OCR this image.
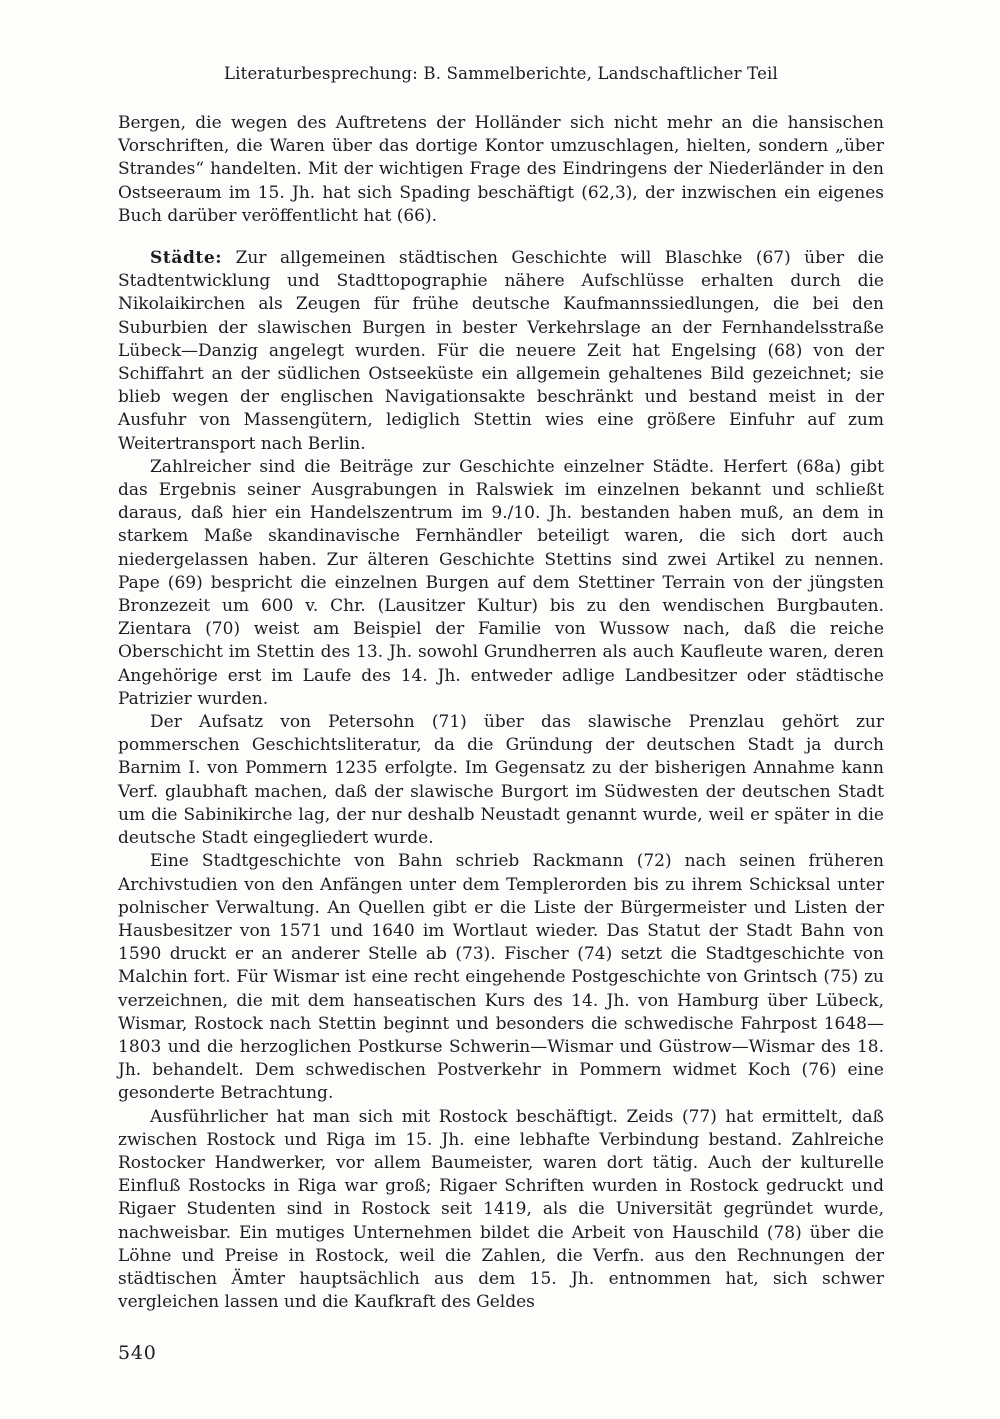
Literaturbesprechung: B. Sammelberichte, Landschaftlicher Teil

Bergen, die wegen des Auftretens der Holländer sich nicht mehr an die hansischen Vorschriften, die Waren über das dortige Kontor umzuschlagen, hielten, sondern „über Strandes“ handelten. Mit der wichtigen Frage des Eindringens der Niederländer in den Ostseeraum im 15. Jh. hat sich Spading beschäftigt (62,3), der inzwischen ein eigenes Buch darüber veröffentlicht hat (66).

Städte: Zur allgemeinen städtischen Geschichte will Blaschke (67) über die Stadtentwicklung und Stadttopographie nähere Aufschlüsse erhalten durch die Nikolaikirchen als Zeugen für frühe deutsche Kaufmannssiedlungen, die bei den Suburbien der slawischen Burgen in bester Verkehrslage an der Fernhandelsstraße Lübeck—Danzig angelegt wurden. Für die neuere Zeit hat Engelsing (68) von der Schiffahrt an der südlichen Ostseeküste ein allgemein gehaltenes Bild gezeichnet; sie blieb wegen der englischen Navigationsakte beschränkt und bestand meist in der Ausfuhr von Massengütern, lediglich Stettin wies eine größere Einfuhr auf zum Weitertransport nach Berlin.

Zahlreicher sind die Beiträge zur Geschichte einzelner Städte. Herfert (68a) gibt das Ergebnis seiner Ausgrabungen in Ralswiek im einzelnen bekannt und schließt daraus, daß hier ein Handelszentrum im 9./10. Jh. bestanden haben muß, an dem in starkem Maße skandinavische Fernhändler beteiligt waren, die sich dort auch niedergelassen haben. Zur älteren Geschichte Stettins sind zwei Artikel zu nennen. Pape (69) bespricht die einzelnen Burgen auf dem Stettiner Terrain von der jüngsten Bronzezeit um 600 v. Chr. (Lausitzer Kultur) bis zu den wendischen Burgbauten. Zientara (70) weist am Beispiel der Familie von Wussow nach, daß die reiche Oberschicht im Stettin des 13. Jh. sowohl Grundherren als auch Kaufleute waren, deren Angehörige erst im Laufe des 14. Jh. entweder adlige Landbesitzer oder städtische Patrizier wurden.

Der Aufsatz von Petersohn (71) über das slawische Prenzlau gehört zur pommerschen Geschichtsliteratur, da die Gründung der deutschen Stadt ja durch Barnim I. von Pommern 1235 erfolgte. Im Gegensatz zu der bisherigen Annahme kann Verf. glaubhaft machen, daß der slawische Burgort im Südwesten der deutschen Stadt um die Sabinikirche lag, der nur deshalb Neustadt genannt wurde, weil er später in die deutsche Stadt eingegliedert wurde.

Eine Stadtgeschichte von Bahn schrieb Rackmann (72) nach seinen früheren Archivstudien von den Anfängen unter dem Templerorden bis zu ihrem Schicksal unter polnischer Verwaltung. An Quellen gibt er die Liste der Bürgermeister und Listen der Hausbesitzer von 1571 und 1640 im Wortlaut wieder. Das Statut der Stadt Bahn von 1590 druckt er an anderer Stelle ab (73). Fischer (74) setzt die Stadtgeschichte von Malchin fort. Für Wismar ist eine recht eingehende Postgeschichte von Grintsch (75) zu verzeichnen, die mit dem hanseatischen Kurs des 14. Jh. von Hamburg über Lübeck, Wismar, Rostock nach Stettin beginnt und besonders die schwedische Fahrpost 1648—1803 und die herzoglichen Postkurse Schwerin—Wismar und Güstrow—Wismar des 18. Jh. behandelt. Dem schwedischen Postverkehr in Pommern widmet Koch (76) eine gesonderte Betrachtung.

Ausführlicher hat man sich mit Rostock beschäftigt. Zeids (77) hat ermittelt, daß zwischen Rostock und Riga im 15. Jh. eine lebhafte Verbindung bestand. Zahlreiche Rostocker Handwerker, vor allem Baumeister, waren dort tätig. Auch der kulturelle Einfluß Rostocks in Riga war groß; Rigaer Schriften wurden in Rostock gedruckt und Rigaer Studenten sind in Rostock seit 1419, als die Universität gegründet wurde, nachweisbar. Ein mutiges Unternehmen bildet die Arbeit von Hauschild (78) über die Löhne und Preise in Rostock, weil die Zahlen, die Verfn. aus den Rechnungen der städtischen Ämter hauptsächlich aus dem 15. Jh. entnommen hat, sich schwer vergleichen lassen und die Kaufkraft des Geldes

540
